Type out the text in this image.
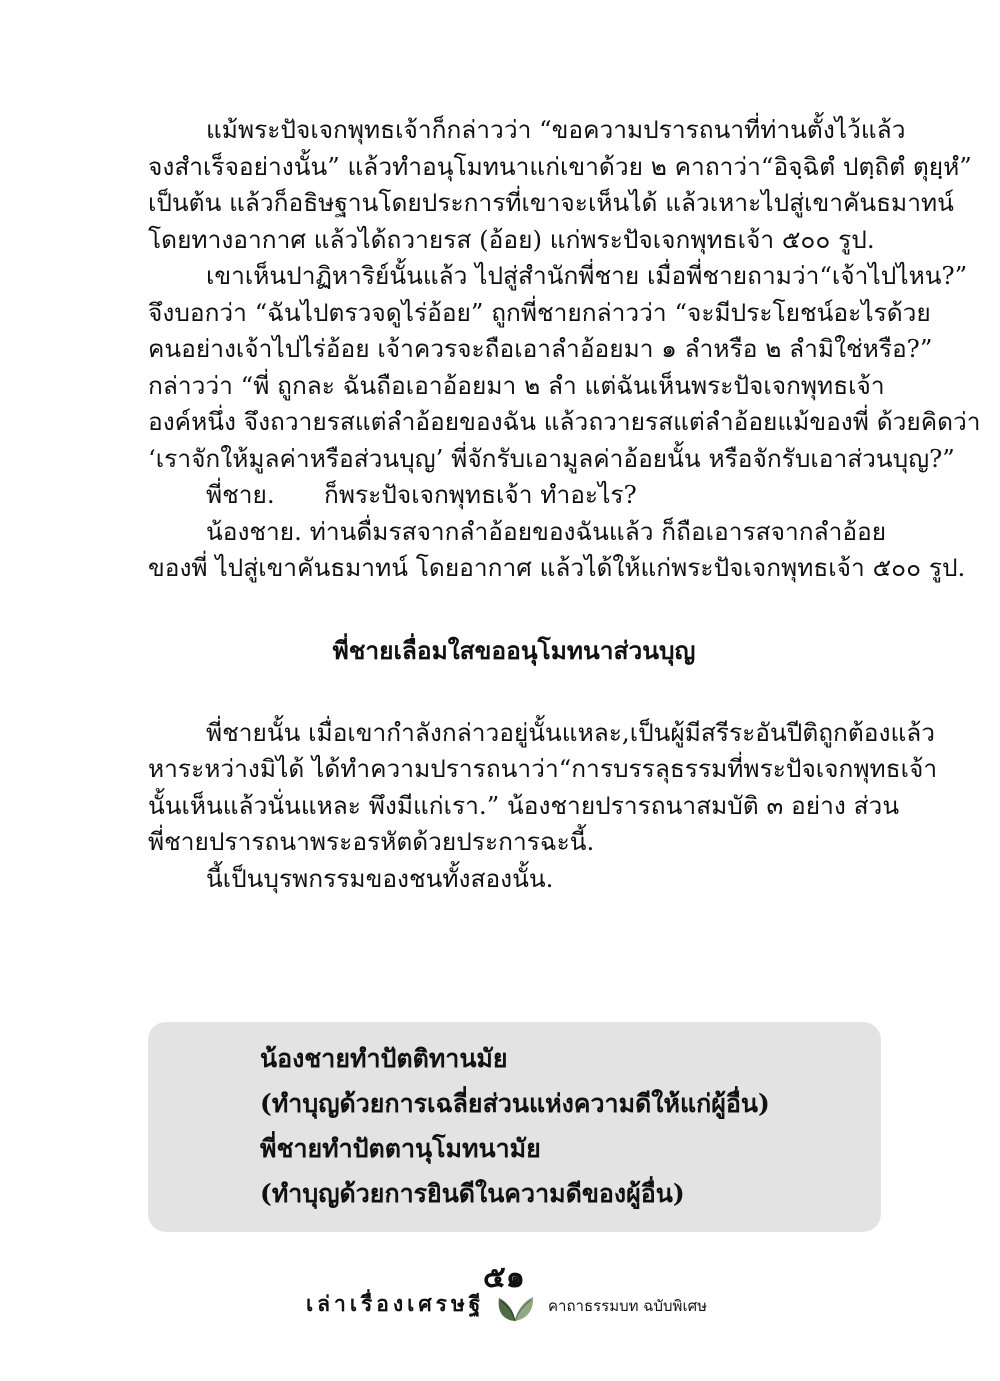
แม้พระปัจเจกพุทธเจ้าก็กล่าวว่า “ขอความปรารถนาที่ท่านตั้งไว้แล้ว
จงสำเร็จอย่างนั้น” แล้วทำอนุโมทนาแก่เขาด้วย ๒ คาถาว่า“อิจฺฉิตํ ปตฺถิตํ ตุยฺหํ”
เป็นต้น แล้วก็อธิษฐานโดยประการที่เขาจะเห็นได้ แล้วเหาะไปสู่เขาคันธมาทน์
โดยทางอากาศ แล้วได้ถวายรส (อ้อย) แก่พระปัจเจกพุทธเจ้า ๕๐๐ รูป.
เขาเห็นปาฏิหาริย์นั้นแล้ว ไปสู่สำนักพี่ชาย เมื่อพี่ชายถามว่า“เจ้าไปไหน?”
จึงบอกว่า “ฉันไปตรวจดูไร่อ้อย” ถูกพี่ชายกล่าวว่า “จะมีประโยชน์อะไรด้วย
คนอย่างเจ้าไปไร่อ้อย เจ้าควรจะถือเอาลำอ้อยมา ๑ ลำหรือ ๒ ลำมิใช่หรือ?”
กล่าวว่า “พี่ ถูกละ ฉันถือเอาอ้อยมา ๒ ลำ แต่ฉันเห็นพระปัจเจกพุทธเจ้า
องค์หนึ่ง จึงถวายรสแต่ลำอ้อยของฉัน แล้วถวายรสแต่ลำอ้อยแม้ของพี่ ด้วยคิดว่า
‘เราจักให้มูลค่าหรือส่วนบุญ’ พี่จักรับเอามูลค่าอ้อยนั้น หรือจักรับเอาส่วนบุญ?”
พี่ชาย.	ก็พระปัจเจกพุทธเจ้า ทำอะไร?
น้องชาย. ท่านดื่มรสจากลำอ้อยของฉันแล้ว ก็ถือเอารสจากลำอ้อย
ของพี่ ไปสู่เขาคันธมาทน์ โดยอากาศ แล้วได้ให้แก่พระปัจเจกพุทธเจ้า ๕๐๐ รูป.
พี่ชายเลื่อมใสขออนุโมทนาส่วนบุญ
พี่ชายนั้น เมื่อเขากำลังกล่าวอยู่นั้นแหละ,เป็นผู้มีสรีระอันปีติถูกต้องแล้ว
หาระหว่างมิได้ ได้ทำความปรารถนาว่า“การบรรลุธรรมที่พระปัจเจกพุทธเจ้า
นั้นเห็นแล้วนั่นแหละ พึงมีแก่เรา.” น้องชายปรารถนาสมบัติ ๓ อย่าง ส่วน
พี่ชายปรารถนาพระอรหัตด้วยประการฉะนี้.
นี้เป็นบุรพกรรมของชนทั้งสองนั้น.
น้องชายทำปัตติทานมัย
(ทำบุญด้วยการเฉลี่ยส่วนแห่งความดีให้แก่ผู้อื่น)
พี่ชายทำปัตตานุโมทนามัย
(ทำบุญด้วยการยินดีในความดีของผู้อื่น)
๕๑
เล่าเรื่องเศรษฐี	คาถาธรรมบท ฉบับพิเศษ
